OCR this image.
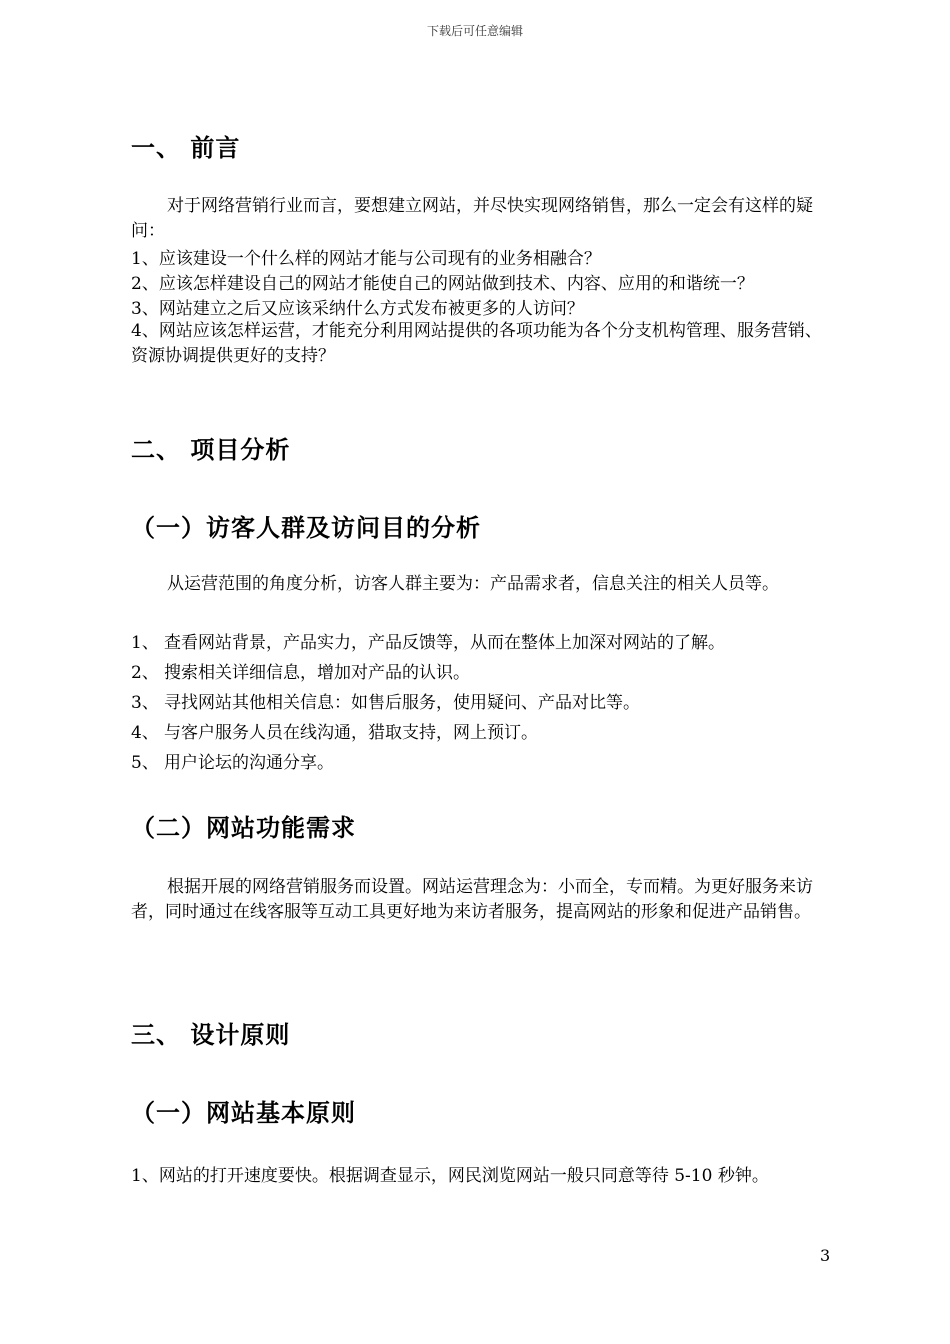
下载后可任意编辑
一、 前言
对于网络营销行业而言，要想建立网站，并尽快实现网络销售，那么一定会有这样的疑问：
1、应该建设一个什么样的网站才能与公司现有的业务相融合？
2、应该怎样建设自己的网站才能使自己的网站做到技术、内容、应用的和谐统一？
3、网站建立之后又应该采纳什么方式发布被更多的人访问？
4、网站应该怎样运营，才能充分利用网站提供的各项功能为各个分支机构管理、服务营销、资源协调提供更好的支持？
二、 项目分析
（一）访客人群及访问目的分析
从运营范围的角度分析，访客人群主要为：产品需求者，信息关注的相关人员等。
1、 查看网站背景，产品实力，产品反馈等，从而在整体上加深对网站的了解。
2、 搜索相关详细信息，增加对产品的认识。
3、 寻找网站其他相关信息：如售后服务，使用疑问、产品对比等。
4、 与客户服务人员在线沟通，猎取支持，网上预订。
5、 用户论坛的沟通分享。
（二）网站功能需求
根据开展的网络营销服务而设置。网站运营理念为：小而全，专而精。为更好服务来访者，同时通过在线客服等互动工具更好地为来访者服务，提高网站的形象和促进产品销售。
三、 设计原则
（一）网站基本原则
1、网站的打开速度要快。根据调查显示，网民浏览网站一般只同意等待 5-10 秒钟。
3
